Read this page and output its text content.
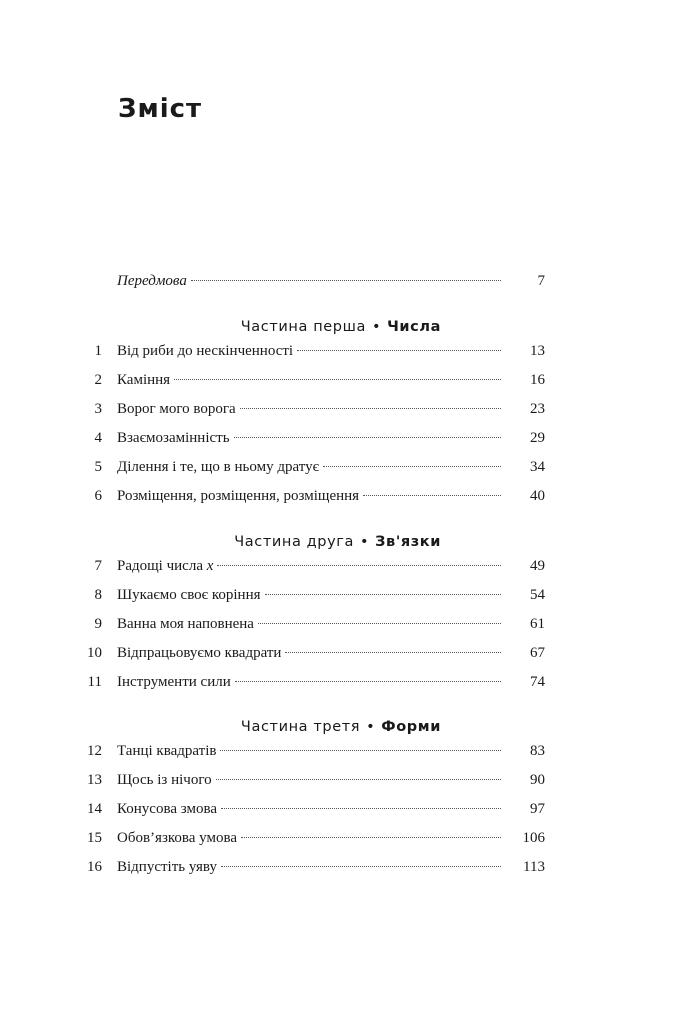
Зміст
Передмова	7
Частина перша • Числа
1 Від риби до нескінченності	13
2 Каміння	16
3 Ворог мого ворога	23
4 Взаємозамінність	29
5 Ділення і те, що в ньому дратує	34
6 Розміщення, розміщення, розміщення	40
Частина друга • Зв'язки
7 Радощі числа x	49
8 Шукаємо своє коріння	54
9 Ванна моя наповнена	61
10 Відпрацьовуємо квадрати	67
11 Інструменти сили	74
Частина третя • Форми
12 Танці квадратів	83
13 Щось із нічого	90
14 Конусова змова	97
15 Обов’язкова умова	106
16 Відпустіть уяву	113
